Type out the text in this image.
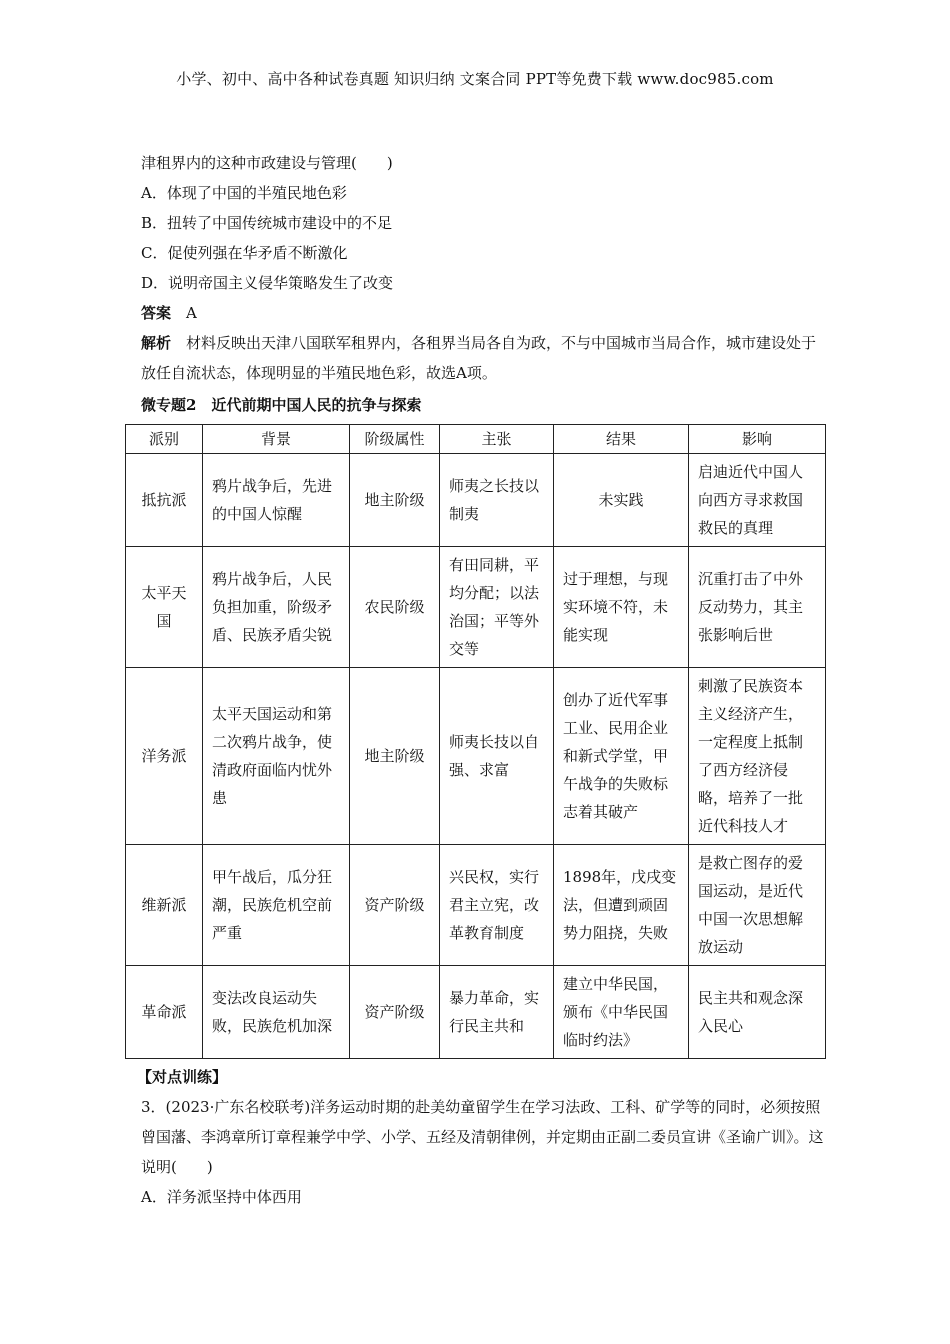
小学、初中、高中各种试卷真题 知识归纳 文案合同 PPT等免费下载 www.doc985.com
津租界内的这种市政建设与管理(　　)
A．体现了中国的半殖民地色彩
B．扭转了中国传统城市建设中的不足
C．促使列强在华矛盾不断激化
D．说明帝国主义侵华策略发生了改变
答案　 A
解析　 材料反映出天津八国联军租界内，各租界当局各自为政，不与中国城市当局合作，城市建设处于放任自流状态，体现明显的半殖民地色彩，故选A项。
微专题2　近代前期中国人民的抗争与探索
派别	背景	阶级属性	主张	结果	影响
抵抗派	鸦片战争后，先进的中国人惊醒	地主阶级	师夷之长技以制夷	未实践	启迪近代中国人向西方寻求救国救民的真理
太平天国	鸦片战争后，人民负担加重，阶级矛盾、民族矛盾尖锐	农民阶级	有田同耕，平均分配；以法治国；平等外交等	过于理想，与现实环境不符，未能实现	沉重打击了中外反动势力，其主张影响后世
洋务派	太平天国运动和第二次鸦片战争，使清政府面临内忧外患	地主阶级	师夷长技以自强、求富	创办了近代军事工业、民用企业和新式学堂，甲午战争的失败标志着其破产	刺激了民族资本主义经济产生，一定程度上抵制了西方经济侵略，培养了一批近代科技人才
维新派	甲午战后，瓜分狂潮，民族危机空前严重	资产阶级	兴民权，实行君主立宪，改革教育制度	1898年，戊戌变法，但遭到顽固势力阻挠，失败	是救亡图存的爱国运动，是近代中国一次思想解放运动
革命派	变法改良运动失败，民族危机加深	资产阶级	暴力革命，实行民主共和	建立中华民国，颁布《中华民国临时约法》	民主共和观念深入民心
【对点训练】
3．(2023·广东名校联考)洋务运动时期的赴美幼童留学生在学习法政、工科、矿学等的同时，必须按照曾国藩、李鸿章所订章程兼学中学、小学、五经及清朝律例，并定期由正副二委员宣讲《圣谕广训》。这说明(　　)
A．洋务派坚持中体西用
